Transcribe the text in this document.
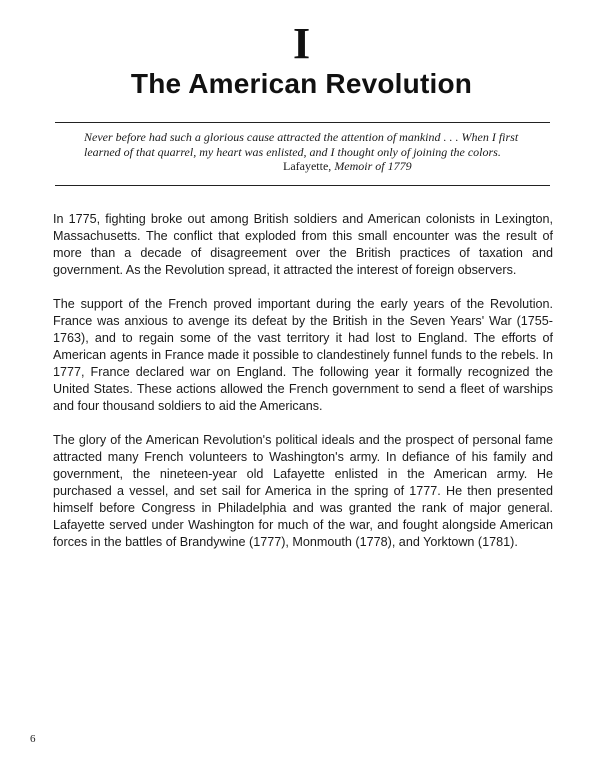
I
The American Revolution
Never before had such a glorious cause attracted the attention of mankind . . . When I first learned of that quarrel, my heart was enlisted, and I thought only of joining the colors.
Lafayette, Memoir of 1779

In 1775, fighting broke out among British soldiers and American colonists in Lexington, Massachusetts. The conflict that exploded from this small encounter was the result of more than a decade of disagreement over the British practices of taxation and government. As the Revolution spread, it attracted the interest of foreign observers.

The support of the French proved important during the early years of the Revolution. France was anxious to avenge its defeat by the British in the Seven Years' War (1755-1763), and to regain some of the vast territory it had lost to England. The efforts of American agents in France made it possible to clandestinely funnel funds to the rebels. In 1777, France declared war on England. The following year it formally recognized the United States. These actions allowed the French government to send a fleet of warships and four thousand soldiers to aid the Americans.

The glory of the American Revolution's political ideals and the prospect of personal fame attracted many French volunteers to Washington's army. In defiance of his family and government, the nineteen-year old Lafayette enlisted in the American army. He purchased a vessel, and set sail for America in the spring of 1777. He then presented himself before Congress in Philadelphia and was granted the rank of major general. Lafayette served under Washington for much of the war, and fought alongside American forces in the battles of Brandywine (1777), Monmouth (1778), and Yorktown (1781).

6
